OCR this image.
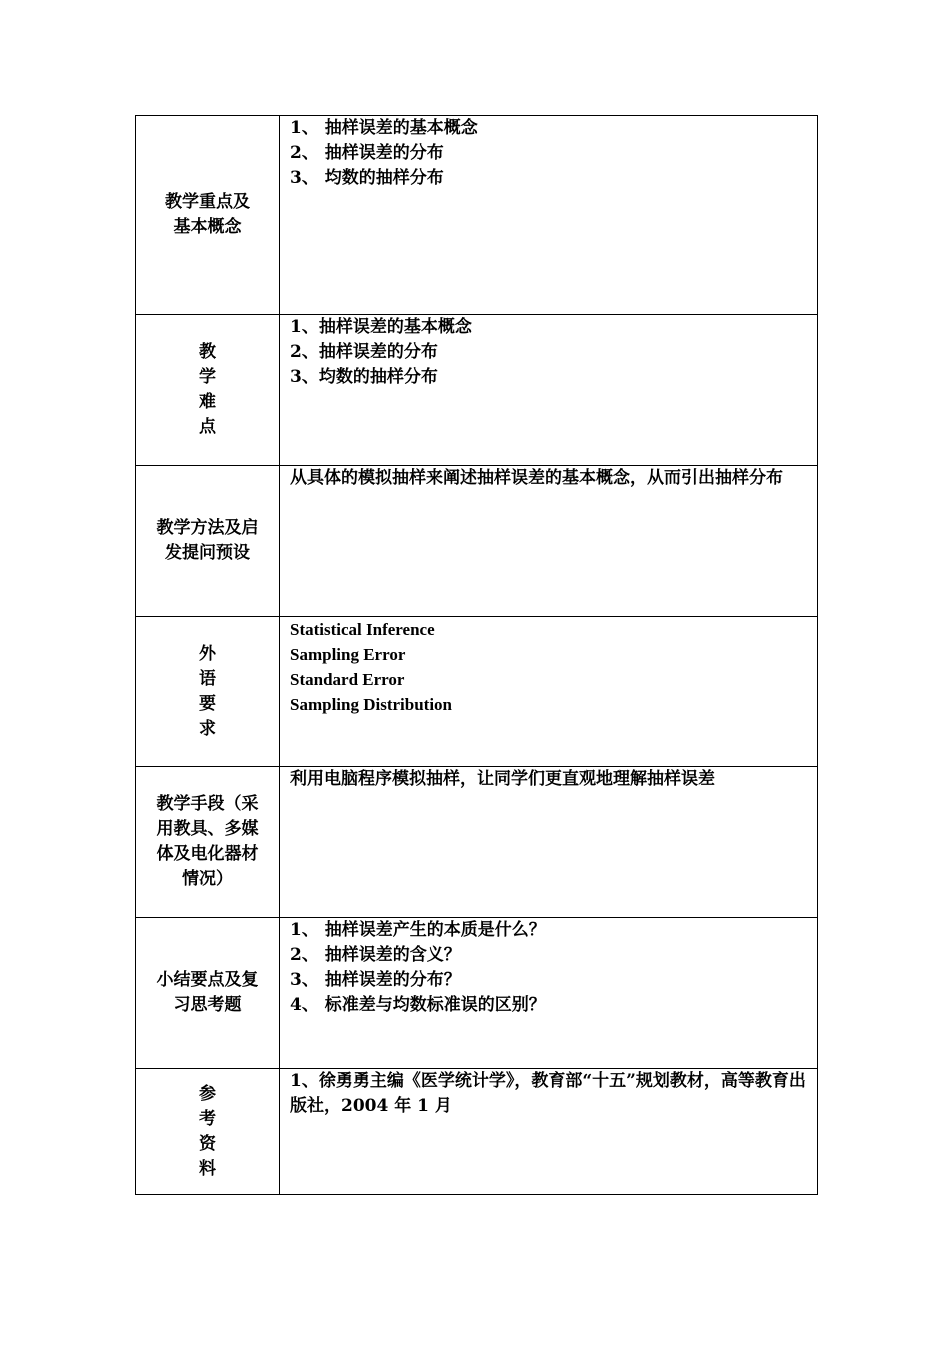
教学重点及
基本概念	1、 抽样误差的基本概念
2、 抽样误差的分布
3、 均数的抽样分布

教
学
难
点	1、抽样误差的基本概念
2、抽样误差的分布
3、均数的抽样分布

教学方法及启
发提问预设	从具体的模拟抽样来阐述抽样误差的基本概念，从而引出抽样分布

外
语
要
求	Statistical Inference
Sampling Error
Standard Error
Sampling Distribution

教学手段（采
用教具、多媒
体及电化器材
情况）	利用电脑程序模拟抽样，让同学们更直观地理解抽样误差

小结要点及复
习思考题	1、 抽样误差产生的本质是什么？
2、 抽样误差的含义？
3、 抽样误差的分布？
4、 标准差与均数标准误的区别？

参
考
资
料	1、徐勇勇主编《医学统计学》，教育部“十五”规划教材，高等教育出版社，2004 年 1 月
